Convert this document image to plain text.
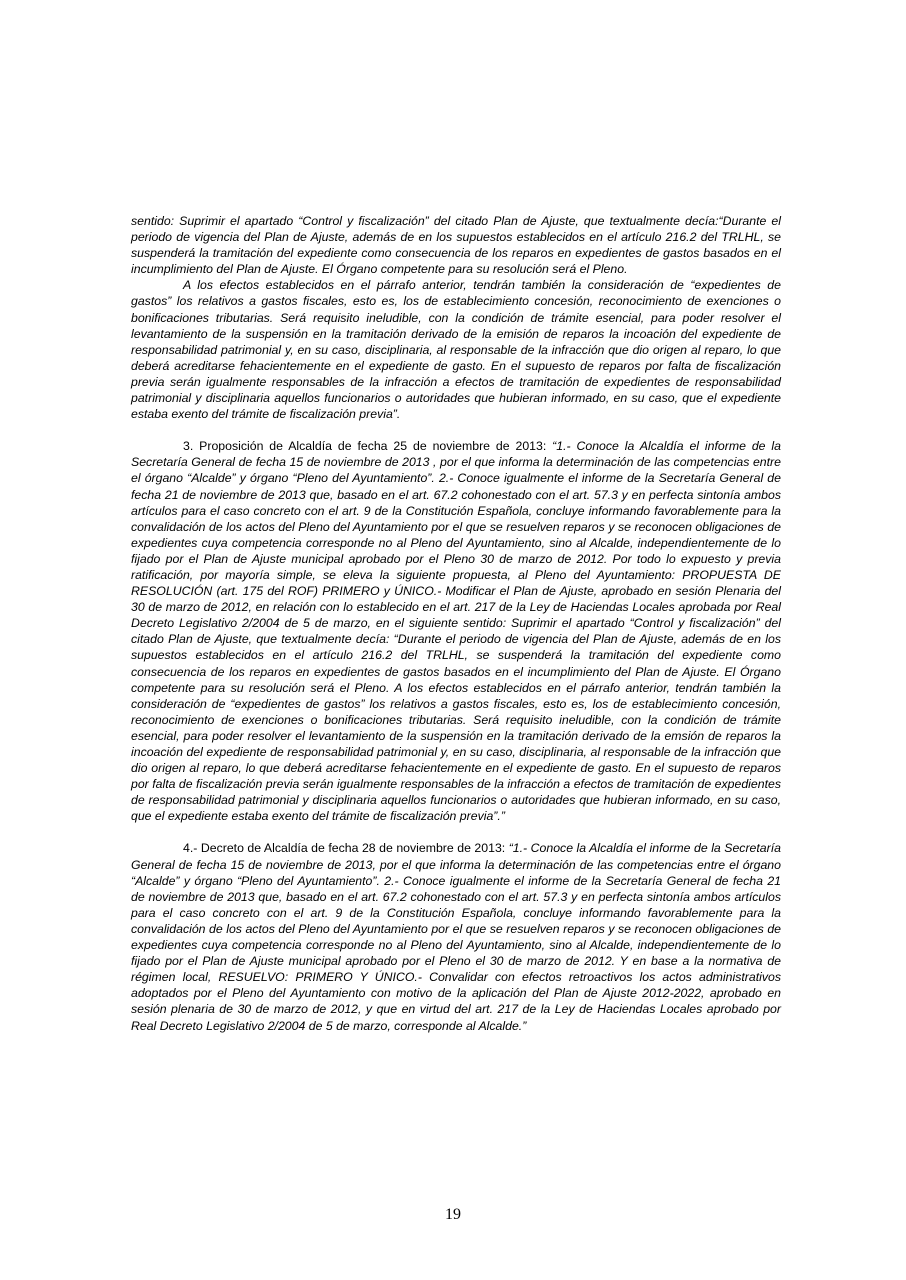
sentido: Suprimir el apartado “Control y fiscalización” del citado Plan de Ajuste, que textualmente decía:“Durante el periodo de vigencia del Plan de Ajuste, además de en los supuestos establecidos en el artículo 216.2 del TRLHL, se suspenderá la tramitación del expediente como consecuencia de los reparos en expedientes de gastos basados en el incumplimiento del Plan de Ajuste. El Órgano competente para su resolución será el Pleno.

A los efectos establecidos en el párrafo anterior, tendrán también la consideración de “expedientes de gastos” los relativos a gastos fiscales, esto es, los de establecimiento concesión, reconocimiento de exenciones o bonificaciones tributarias. Será requisito ineludible, con la condición de trámite esencial, para poder resolver el levantamiento de la suspensión en la tramitación derivado de la emisión de reparos la incoación del expediente de responsabilidad patrimonial y, en su caso, disciplinaria, al responsable de la infracción que dio origen al reparo, lo que deberá acreditarse fehacientemente en el expediente de gasto. En el supuesto de reparos por falta de fiscalización previa serán igualmente responsables de la infracción a efectos de tramitación de expedientes de responsabilidad patrimonial y disciplinaria aquellos funcionarios o autoridades que hubieran informado, en su caso, que el expediente estaba exento del trámite de fiscalización previa”.

3. Proposición de Alcaldía de fecha 25 de noviembre de 2013: “1.- Conoce la Alcaldía el informe de la Secretaría General de fecha 15 de noviembre de 2013 , por el que informa la determinación de las competencias entre el órgano “Alcalde” y órgano “Pleno del Ayuntamiento”. 2.- Conoce igualmente el informe de la Secretaría General de fecha 21 de noviembre de 2013 que, basado en el art. 67.2 cohonestado con el art. 57.3 y en perfecta sintonía ambos artículos para el caso concreto con el art. 9 de la Constitución Española, concluye informando favorablemente para la convalidación de los actos del Pleno del Ayuntamiento por el que se resuelven reparos y se reconocen obligaciones de expedientes cuya competencia corresponde no al Pleno del Ayuntamiento, sino al Alcalde, independientemente de lo fijado por el Plan de Ajuste municipal aprobado por el Pleno 30 de marzo de 2012. Por todo lo expuesto y previa ratificación, por mayoría simple, se eleva la siguiente propuesta, al Pleno del Ayuntamiento: PROPUESTA DE RESOLUCIÓN (art. 175 del ROF) PRIMERO y ÚNICO.- Modificar el Plan de Ajuste, aprobado en sesión Plenaria del 30 de marzo de 2012, en relación con lo establecido en el art. 217 de la Ley de Haciendas Locales aprobada por Real Decreto Legislativo 2/2004 de 5 de marzo, en el siguiente sentido: Suprimir el apartado “Control y fiscalización” del citado Plan de Ajuste, que textualmente decía: “Durante el periodo de vigencia del Plan de Ajuste, además de en los supuestos establecidos en el artículo 216.2 del TRLHL, se suspenderá la tramitación del expediente como consecuencia de los reparos en expedientes de gastos basados en el incumplimiento del Plan de Ajuste. El Órgano competente para su resolución será el Pleno. A los efectos establecidos en el párrafo anterior, tendrán también la consideración de “expedientes de gastos” los relativos a gastos fiscales, esto es, los de establecimiento concesión, reconocimiento de exenciones o bonificaciones tributarias. Será requisito ineludible, con la condición de trámite esencial, para poder resolver el levantamiento de la suspensión en la tramitación derivado de la emsión de reparos la incoación del expediente de responsabilidad patrimonial y, en su caso, disciplinaria, al responsable de la infracción que dio origen al reparo, lo que deberá acreditarse fehacientemente en el expediente de gasto. En el supuesto de reparos por falta de fiscalización previa serán igualmente responsables de la infracción a efectos de tramitación de expedientes de responsabilidad patrimonial y disciplinaria aquellos funcionarios o autoridades que hubieran informado, en su caso, que el expediente estaba exento del trámite de fiscalización previa”.”

4.- Decreto de Alcaldía de fecha 28 de noviembre de 2013: “1.- Conoce la Alcaldía el informe de la Secretaría General de fecha 15 de noviembre de 2013, por el que informa la determinación de las competencias entre el órgano “Alcalde” y órgano “Pleno del Ayuntamiento”. 2.- Conoce igualmente el informe de la Secretaría General de fecha 21 de noviembre de 2013 que, basado en el art. 67.2 cohonestado con el art. 57.3 y en perfecta sintonía ambos artículos para el caso concreto con el art. 9 de la Constitución Española, concluye informando favorablemente para la convalidación de los actos del Pleno del Ayuntamiento por el que se resuelven reparos y se reconocen obligaciones de expedientes cuya competencia corresponde no al Pleno del Ayuntamiento, sino al Alcalde, independientemente de lo fijado por el Plan de Ajuste municipal aprobado por el Pleno el 30 de marzo de 2012. Y en base a la normativa de régimen local, RESUELVO: PRIMERO Y ÚNICO.- Convalidar con efectos retroactivos los actos administrativos adoptados por el Pleno del Ayuntamiento con motivo de la aplicación del Plan de Ajuste 2012-2022, aprobado en sesión plenaria de 30 de marzo de 2012, y que en virtud del art. 217 de la Ley de Haciendas Locales aprobado por Real Decreto Legislativo 2/2004 de 5 de marzo, corresponde al Alcalde.”

19
